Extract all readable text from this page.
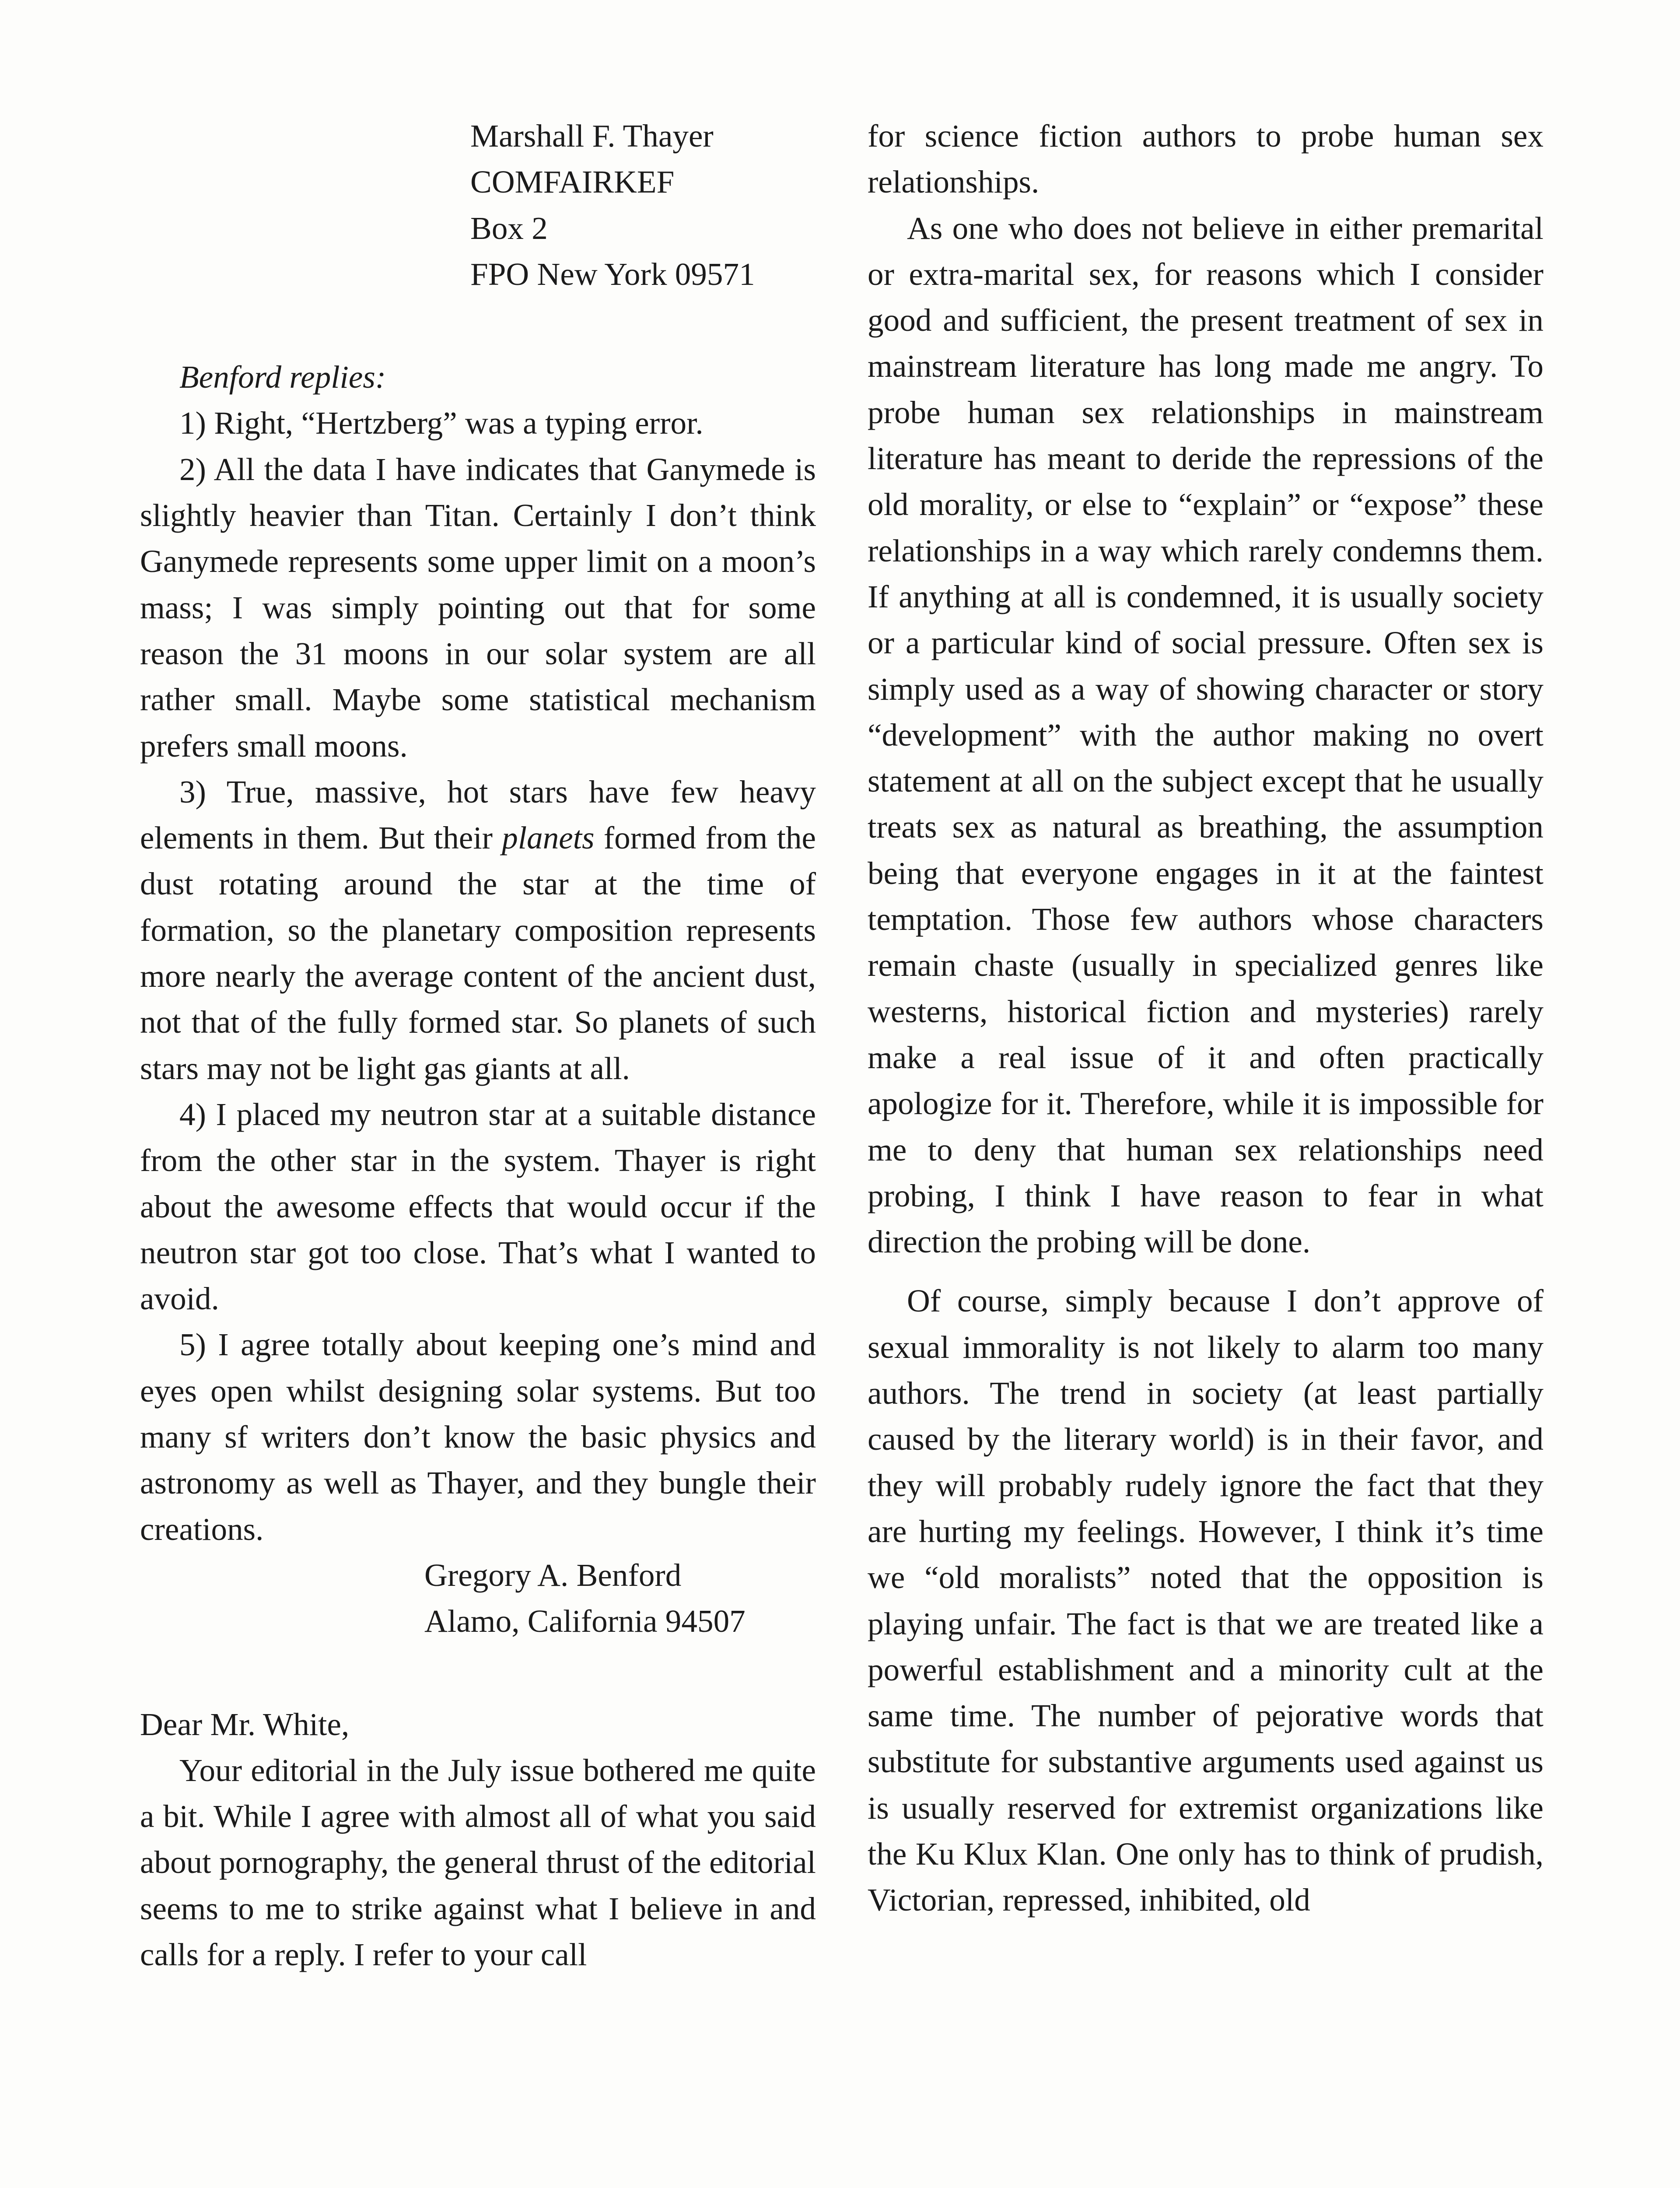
Marshall F. Thayer
COMFAIRKEF
Box 2
FPO New York 09571

Benford replies:

1) Right, “Hertzberg” was a typing error.

2) All the data I have indicates that Ganymede is slightly heavier than Titan. Certainly I don’t think Ganymede represents some upper limit on a moon’s mass; I was simply pointing out that for some reason the 31 moons in our solar system are all rather small. Maybe some statistical mechanism prefers small moons.

3) True, massive, hot stars have few heavy elements in them. But their planets formed from the dust rotating around the star at the time of formation, so the planetary composition represents more nearly the average content of the ancient dust, not that of the fully formed star. So planets of such stars may not be light gas giants at all.

4) I placed my neutron star at a suitable distance from the other star in the system. Thayer is right about the awesome effects that would occur if the neutron star got too close. That’s what I wanted to avoid.

5) I agree totally about keeping one’s mind and eyes open whilst designing solar systems. But too many sf writers don’t know the basic physics and astronomy as well as Thayer, and they bungle their creations.

Gregory A. Benford
Alamo, California 94507

Dear Mr. White,

Your editorial in the July issue bothered me quite a bit. While I agree with almost all of what you said about pornography, the general thrust of the editorial seems to me to strike against what I believe in and calls for a reply. I refer to your call

for science fiction authors to probe human sex relationships.

As one who does not believe in either premarital or extra-marital sex, for reasons which I consider good and sufficient, the present treatment of sex in mainstream literature has long made me angry. To probe human sex relationships in mainstream literature has meant to deride the repressions of the old morality, or else to “explain” or “expose” these relationships in a way which rarely condemns them. If anything at all is condemned, it is usually society or a particular kind of social pressure. Often sex is simply used as a way of showing character or story “development” with the author making no overt statement at all on the subject except that he usually treats sex as natural as breathing, the assumption being that everyone engages in it at the faintest temptation. Those few authors whose characters remain chaste (usually in specialized genres like westerns, historical fiction and mysteries) rarely make a real issue of it and often practically apologize for it. Therefore, while it is impossible for me to deny that human sex relationships need probing, I think I have reason to fear in what direction the probing will be done.

Of course, simply because I don’t approve of sexual immorality is not likely to alarm too many authors. The trend in society (at least partially caused by the literary world) is in their favor, and they will probably rudely ignore the fact that they are hurting my feelings. However, I think it’s time we “old moralists” noted that the opposition is playing unfair. The fact is that we are treated like a powerful establishment and a minority cult at the same time. The number of pejorative words that substitute for substantive arguments used against us is usually reserved for extremist organizations like the Ku Klux Klan. One only has to think of prudish, Victorian, repressed, inhibited, old
